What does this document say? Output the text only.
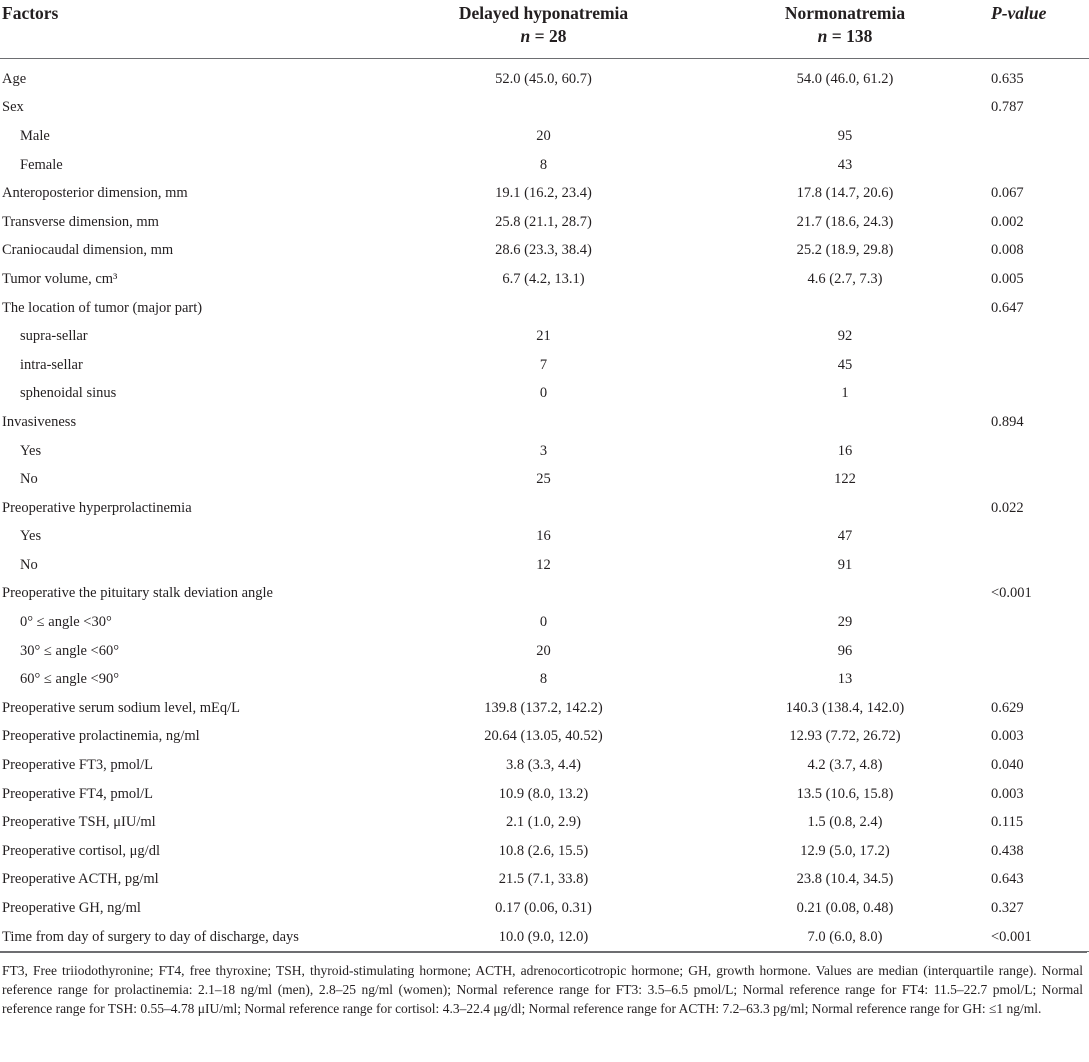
Factors	Delayed hyponatremia	Normonatremia	P-value
	n = 28	n = 138	
Age	52.0 (45.0, 60.7)	54.0 (46.0, 61.2)	0.635
Sex			0.787
Male	20	95	
Female	8	43	
Anteroposterior dimension, mm	19.1 (16.2, 23.4)	17.8 (14.7, 20.6)	0.067
Transverse dimension, mm	25.8 (21.1, 28.7)	21.7 (18.6, 24.3)	0.002
Craniocaudal dimension, mm	28.6 (23.3, 38.4)	25.2 (18.9, 29.8)	0.008
Tumor volume, cm³	6.7 (4.2, 13.1)	4.6 (2.7, 7.3)	0.005
The location of tumor (major part)			0.647
supra-sellar	21	92	
intra-sellar	7	45	
sphenoidal sinus	0	1	
Invasiveness			0.894
Yes	3	16	
No	25	122	
Preoperative hyperprolactinemia			0.022
Yes	16	47	
No	12	91	
Preoperative the pituitary stalk deviation angle			<0.001
0° ≤ angle <30°	0	29	
30° ≤ angle <60°	20	96	
60° ≤ angle <90°	8	13	
Preoperative serum sodium level, mEq/L	139.8 (137.2, 142.2)	140.3 (138.4, 142.0)	0.629
Preoperative prolactinemia, ng/ml	20.64 (13.05, 40.52)	12.93 (7.72, 26.72)	0.003
Preoperative FT3, pmol/L	3.8 (3.3, 4.4)	4.2 (3.7, 4.8)	0.040
Preoperative FT4, pmol/L	10.9 (8.0, 13.2)	13.5 (10.6, 15.8)	0.003
Preoperative TSH, μIU/ml	2.1 (1.0, 2.9)	1.5 (0.8, 2.4)	0.115
Preoperative cortisol, μg/dl	10.8 (2.6, 15.5)	12.9 (5.0, 17.2)	0.438
Preoperative ACTH, pg/ml	21.5 (7.1, 33.8)	23.8 (10.4, 34.5)	0.643
Preoperative GH, ng/ml	0.17 (0.06, 0.31)	0.21 (0.08, 0.48)	0.327
Time from day of surgery to day of discharge, days	10.0 (9.0, 12.0)	7.0 (6.0, 8.0)	<0.001
FT3, Free triiodothyronine; FT4, free thyroxine; TSH, thyroid-stimulating hormone; ACTH, adrenocorticotropic hormone; GH, growth hormone. Values are median (interquartile range). Normal reference range for prolactinemia: 2.1–18 ng/ml (men), 2.8–25 ng/ml (women); Normal reference range for FT3: 3.5–6.5 pmol/L; Normal reference range for FT4: 11.5–22.7 pmol/L; Normal reference range for TSH: 0.55–4.78 μIU/ml; Normal reference range for cortisol: 4.3–22.4 μg/dl; Normal reference range for ACTH: 7.2–63.3 pg/ml; Normal reference range for GH: ≤1 ng/ml.
